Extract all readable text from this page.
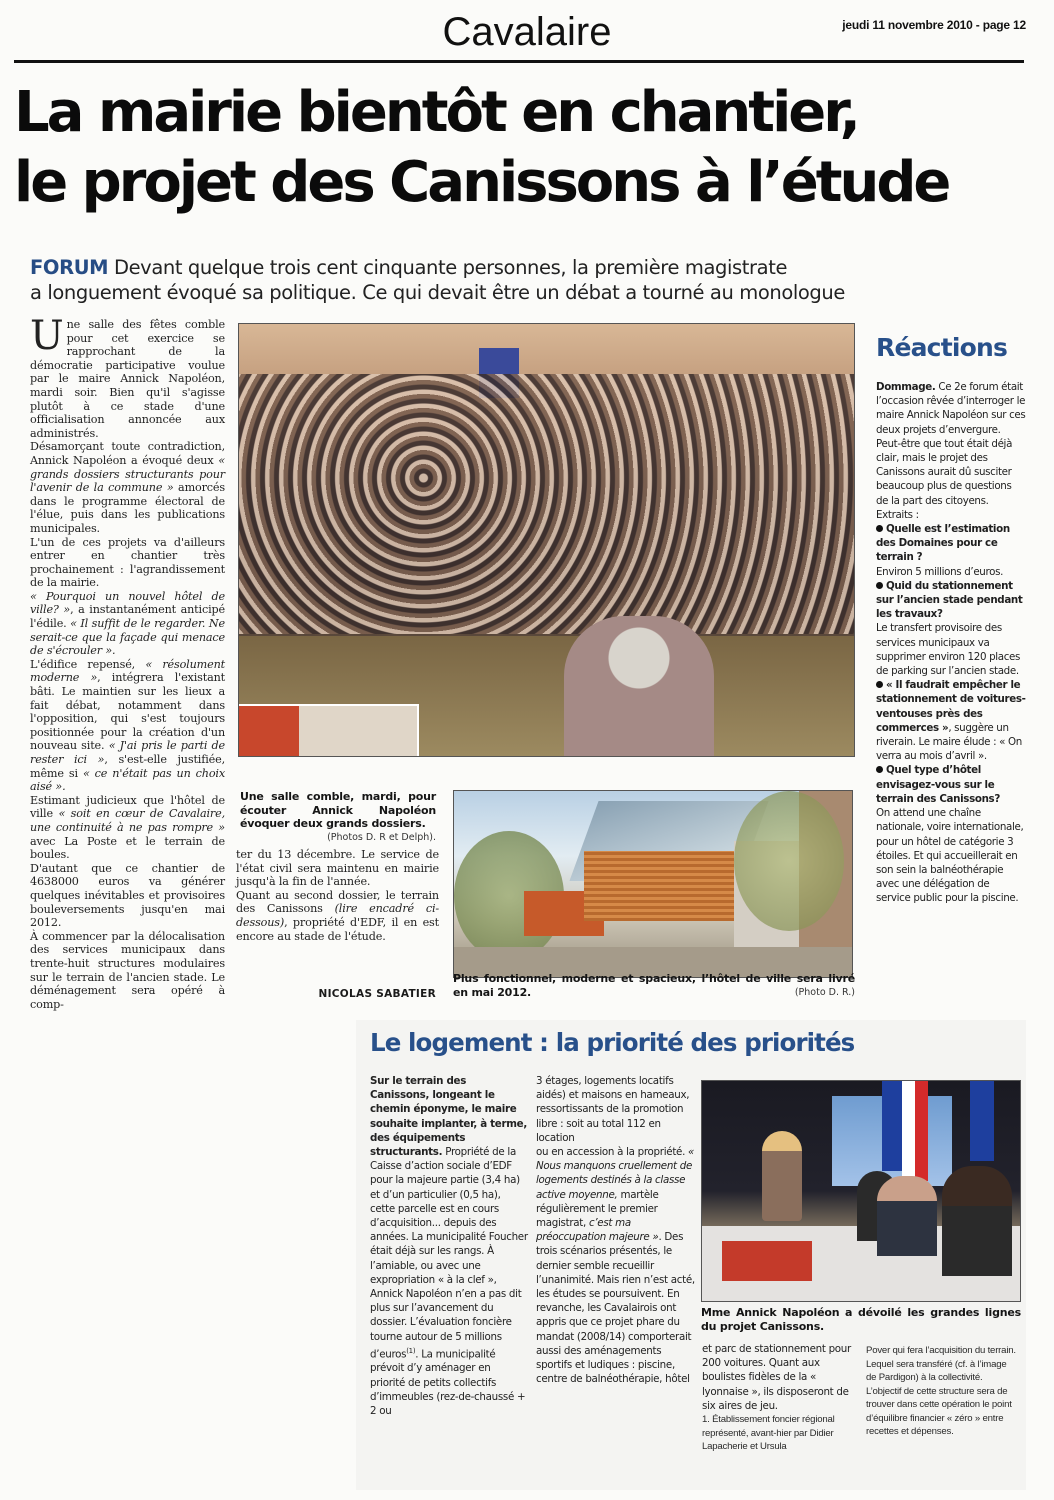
Cavalaire	jeudi 11 novembre 2010 - page 12
La mairie bientôt en chantier,
le projet des Canissons à l’étude
FORUM Devant quelque trois cent cinquante personnes, la première magistrate
a longuement évoqué sa politique. Ce qui devait être un débat a tourné au monologue

Une salle des fêtes comble pour cet exercice se rapprochant de la démocratie participative voulue par le maire Annick Napoléon, mardi soir. Bien qu'il s'agisse plutôt à ce stade d'une officialisation annoncée aux administrés.

Désamorçant toute contradiction, Annick Napoléon a évoqué deux « grands dossiers structurants pour l'avenir de la commune » amorcés dans le programme électoral de l'élue, puis dans les publications municipales.

L'un de ces projets va d'ailleurs entrer en chantier très prochainement : l'agrandissement de la mairie.

« Pourquoi un nouvel hôtel de ville? », a instantanément anticipé l'édile. « Il suffit de le regarder. Ne serait-ce que la façade qui menace de s'écrouler ».

L'édifice repensé, « résolument moderne », intégrera l'existant bâti. Le maintien sur les lieux a fait débat, notamment dans l'opposition, qui s'est toujours positionnée pour la création d'un nouveau site. « J'ai pris le parti de rester ici », s'est-elle justifiée, même si « ce n'était pas un choix aisé ».

Estimant judicieux que l'hôtel de ville « soit en cœur de Cavalaire, une continuité à ne pas rompre » avec La Poste et le terrain de boules.

D'autant que ce chantier de 4638000 euros va générer quelques inévitables et provisoires bouleversements jusqu'en mai 2012.

À commencer par la délocalisation des services municipaux dans trente-huit structures modulaires sur le terrain de l'ancien stade. Le déménagement sera opéré à comp-

Une salle comble, mardi, pour écouter Annick Napoléon évoquer deux grands dossiers.
(Photos D. R et Delph).

ter du 13 décembre. Le service de l'état civil sera maintenu en mairie jusqu'à la fin de l'année.

Quant au second dossier, le terrain des Canissons (lire encadré ci-dessous), propriété d'EDF, il en est encore au stade de l'étude.

NICOLAS SABATIER
Plus fonctionnel, moderne et spacieux, l’hôtel de ville sera livré en mai 2012.	(Photo D. R.)
Réactions

Dommage. Ce 2e forum était l’occasion rêvée d’interroger le maire Annick Napoléon sur ces deux projets d’envergure. Peut-être que tout était déjà clair, mais le projet des Canissons aurait dû susciter beaucoup plus de questions de la part des citoyens. Extraits :

Quelle est l’estimation des Domaines pour ce terrain ?

Environ 5 millions d’euros.

Quid du stationnement sur l’ancien stade pendant les travaux?

Le transfert provisoire des services municipaux va supprimer environ 120 places de parking sur l’ancien stade.

« Il faudrait empêcher le stationnement de voitures-ventouses près des commerces », suggère un riverain. Le maire élude : « On verra au mois d’avril ».

Quel type d’hôtel envisagez-vous sur le terrain des Canissons?

On attend une chaîne nationale, voire internationale, pour un hôtel de catégorie 3 étoiles. Et qui accueillerait en son sein la balnéothérapie avec une délégation de service public pour la piscine.

Le logement : la priorité des priorités

Sur le terrain des Canissons, longeant le chemin éponyme, le maire souhaite implanter, à terme, des équipements structurants. Propriété de la Caisse d’action sociale d’EDF pour la majeure partie (3,4 ha) et d’un particulier (0,5 ha), cette parcelle est en cours d’acquisition... depuis des années. La municipalité Foucher était déjà sur les rangs. À l’amiable, ou avec une expropriation « à la clef », Annick Napoléon n’en a pas dit plus sur l’avancement du dossier. L’évaluation foncière tourne autour de 5 millions d’euros$^{(1)}$. La municipalité prévoit d’y aménager en priorité de petits collectifs d’immeubles (rez-de-chaussé + 2 ou

3 étages, logements locatifs aidés) et maisons en hameaux, ressortissants de la promotion libre : soit au total 112 en location

ou en accession à la propriété. « Nous manquons cruellement de logements destinés à la classe active moyenne, martèle régulièrement le premier magistrat, c’est ma préoccupation majeure ». Des trois scénarios présentés, le dernier semble recueillir l’unanimité. Mais rien n’est acté, les études se poursuivent. En revanche, les Cavalairois ont appris que ce projet phare du mandat (2008/14) comporterait aussi des aménagements sportifs et ludiques : piscine, centre de balnéothérapie, hôtel

Mme Annick Napoléon a dévoilé les grandes lignes du projet Canissons.
et parc de stationnement pour 200 voitures. Quant aux boulistes fidèles de la « lyonnaise », ils disposeront de six aires de jeu.
1. Établissement foncier régional représenté, avant-hier par Didier Lapacherie et Ursula
Pover qui fera l’acquisition du terrain. Lequel sera transféré (cf. à l’image de Pardigon) à la collectivité. L’objectif de cette structure sera de trouver dans cette opération le point d’équilibre financier « zéro » entre recettes et dépenses.
